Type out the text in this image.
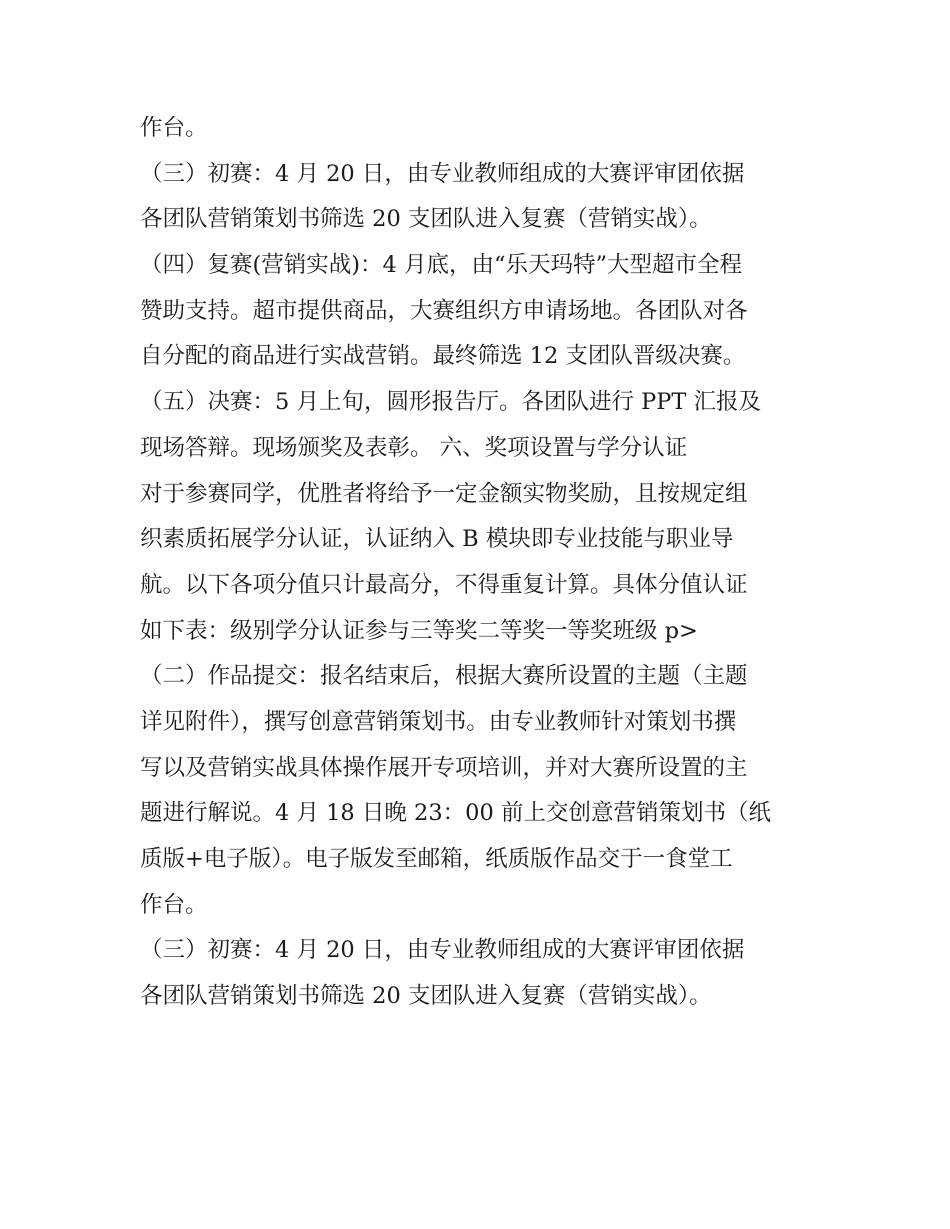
作台。
（三）初赛：4 月 20 日，由专业教师组成的大赛评审团依据
各团队营销策划书筛选 20 支团队进入复赛（营销实战）。
（四）复赛(营销实战)：4 月底，由“乐天玛特”大型超市全程
赞助支持。超市提供商品，大赛组织方申请场地。各团队对各
自分配的商品进行实战营销。最终筛选 12 支团队晋级决赛。
（五）决赛：5 月上旬，圆形报告厅。各团队进行 PPT 汇报及
现场答辩。现场颁奖及表彰。 六、奖项设置与学分认证
对于参赛同学，优胜者将给予一定金额实物奖励，且按规定组
织素质拓展学分认证，认证纳入 B 模块即专业技能与职业导
航。以下各项分值只计最高分，不得重复计算。具体分值认证
如下表：级别学分认证参与三等奖二等奖一等奖班级 p>
（二）作品提交：报名结束后，根据大赛所设置的主题（主题
详见附件），撰写创意营销策划书。由专业教师针对策划书撰
写以及营销实战具体操作展开专项培训，并对大赛所设置的主
题进行解说。4 月 18 日晚 23：00 前上交创意营销策划书（纸
质版+电子版）。电子版发至邮箱，纸质版作品交于一食堂工
作台。
（三）初赛：4 月 20 日，由专业教师组成的大赛评审团依据
各团队营销策划书筛选 20 支团队进入复赛（营销实战）。
